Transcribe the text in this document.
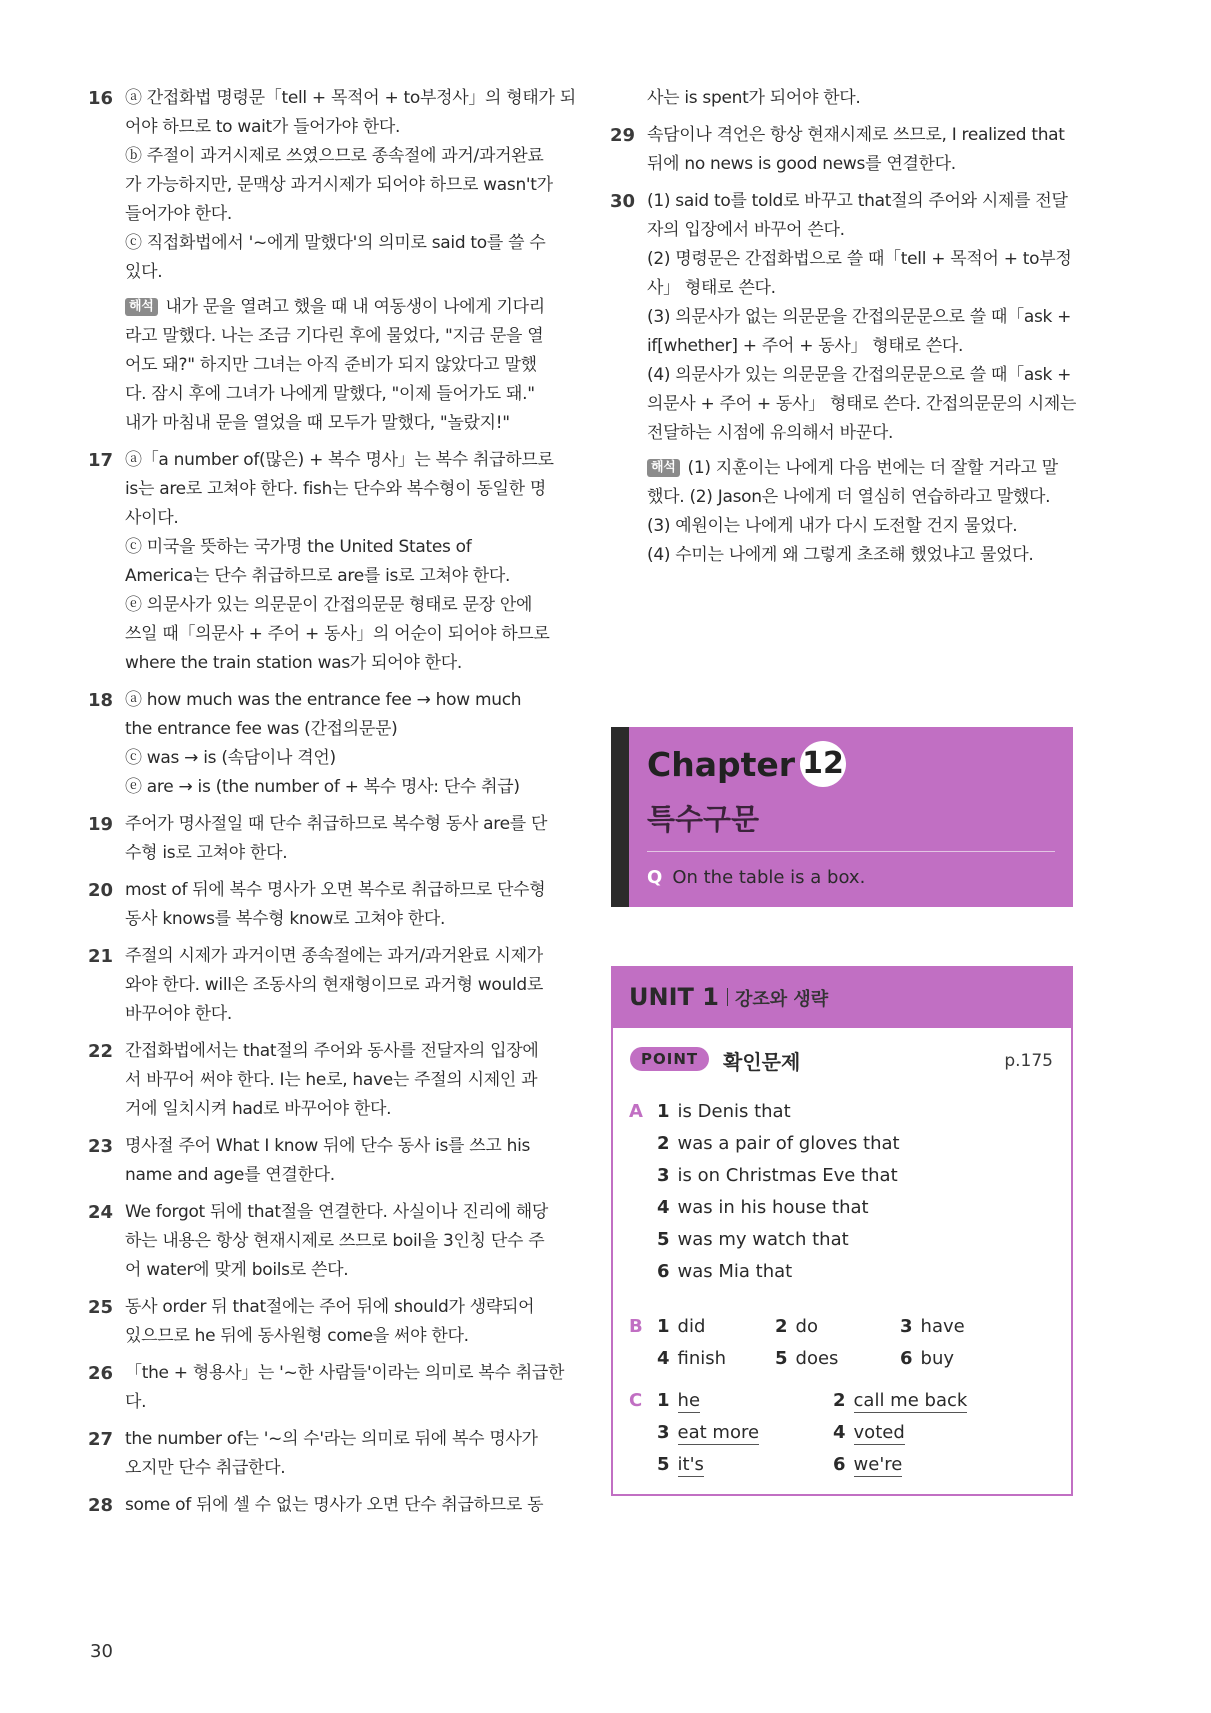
16 ⓐ 간접화법 명령문「tell + 목적어 + to부정사」의 형태가 되
어야 하므로 to wait가 들어가야 한다.
ⓑ 주절이 과거시제로 쓰였으므로 종속절에 과거/과거완료
가 가능하지만, 문맥상 과거시제가 되어야 하므로 wasn't가
들어가야 한다.
ⓒ 직접화법에서 '~에게 말했다'의 의미로 said to를 쓸 수
있다.
해석 내가 문을 열려고 했을 때 내 여동생이 나에게 기다리
라고 말했다. 나는 조금 기다린 후에 물었다, "지금 문을 열
어도 돼?" 하지만 그녀는 아직 준비가 되지 않았다고 말했
다. 잠시 후에 그녀가 나에게 말했다, "이제 들어가도 돼."
내가 마침내 문을 열었을 때 모두가 말했다, "놀랐지!"
17 ⓐ「a number of(많은) + 복수 명사」는 복수 취급하므로
is는 are로 고쳐야 한다. fish는 단수와 복수형이 동일한 명
사이다.
ⓒ 미국을 뜻하는 국가명 the United States of
America는 단수 취급하므로 are를 is로 고쳐야 한다.
ⓔ 의문사가 있는 의문문이 간접의문문 형태로 문장 안에
쓰일 때「의문사 + 주어 + 동사」의 어순이 되어야 하므로
where the train station was가 되어야 한다.
18 ⓐ how much was the entrance fee → how much
the entrance fee was (간접의문문)
ⓒ was → is (속담이나 격언)
ⓔ are → is (the number of + 복수 명사: 단수 취급)
19 주어가 명사절일 때 단수 취급하므로 복수형 동사 are를 단
수형 is로 고쳐야 한다.
20 most of 뒤에 복수 명사가 오면 복수로 취급하므로 단수형
동사 knows를 복수형 know로 고쳐야 한다.
21 주절의 시제가 과거이면 종속절에는 과거/과거완료 시제가
와야 한다. will은 조동사의 현재형이므로 과거형 would로
바꾸어야 한다.
22 간접화법에서는 that절의 주어와 동사를 전달자의 입장에
서 바꾸어 써야 한다. I는 he로, have는 주절의 시제인 과
거에 일치시켜 had로 바꾸어야 한다.
23 명사절 주어 What I know 뒤에 단수 동사 is를 쓰고 his
name and age를 연결한다.
24 We forgot 뒤에 that절을 연결한다. 사실이나 진리에 해당
하는 내용은 항상 현재시제로 쓰므로 boil을 3인칭 단수 주
어 water에 맞게 boils로 쓴다.
25 동사 order 뒤 that절에는 주어 뒤에 should가 생략되어
있으므로 he 뒤에 동사원형 come을 써야 한다.
26 「the + 형용사」는 '~한 사람들'이라는 의미로 복수 취급한
다.
27 the number of는 '~의 수'라는 의미로 뒤에 복수 명사가
오지만 단수 취급한다.
28 some of 뒤에 셀 수 없는 명사가 오면 단수 취급하므로 동
사는 is spent가 되어야 한다.
29 속담이나 격언은 항상 현재시제로 쓰므로, I realized that
뒤에 no news is good news를 연결한다.
30 (1) said to를 told로 바꾸고 that절의 주어와 시제를 전달
자의 입장에서 바꾸어 쓴다.
(2) 명령문은 간접화법으로 쓸 때「tell + 목적어 + to부정
사」 형태로 쓴다.
(3) 의문사가 없는 의문문을 간접의문문으로 쓸 때「ask +
if[whether] + 주어 + 동사」 형태로 쓴다.
(4) 의문사가 있는 의문문을 간접의문문으로 쓸 때「ask +
의문사 + 주어 + 동사」 형태로 쓴다. 간접의문문의 시제는
전달하는 시점에 유의해서 바꾼다.
해석 (1) 지훈이는 나에게 다음 번에는 더 잘할 거라고 말
했다. (2) Jason은 나에게 더 열심히 연습하라고 말했다.
(3) 예원이는 나에게 내가 다시 도전할 건지 물었다.
(4) 수미는 나에게 왜 그렇게 초조해 했었냐고 물었다.
Chapter 12
특수구문
Q On the table is a box.
UNIT 1 강조와 생략
POINT	확인문제	p.175
A 1 is Denis that
2 was a pair of gloves that
3 is on Christmas Eve that
4 was in his house that
5 was my watch that
6 was Mia that
B 1 did	2 do	3 have
4 finish	5 does	6 buy
C 1 he	2 call me back
3 eat more	4 voted
5 it's	6 we're
30
